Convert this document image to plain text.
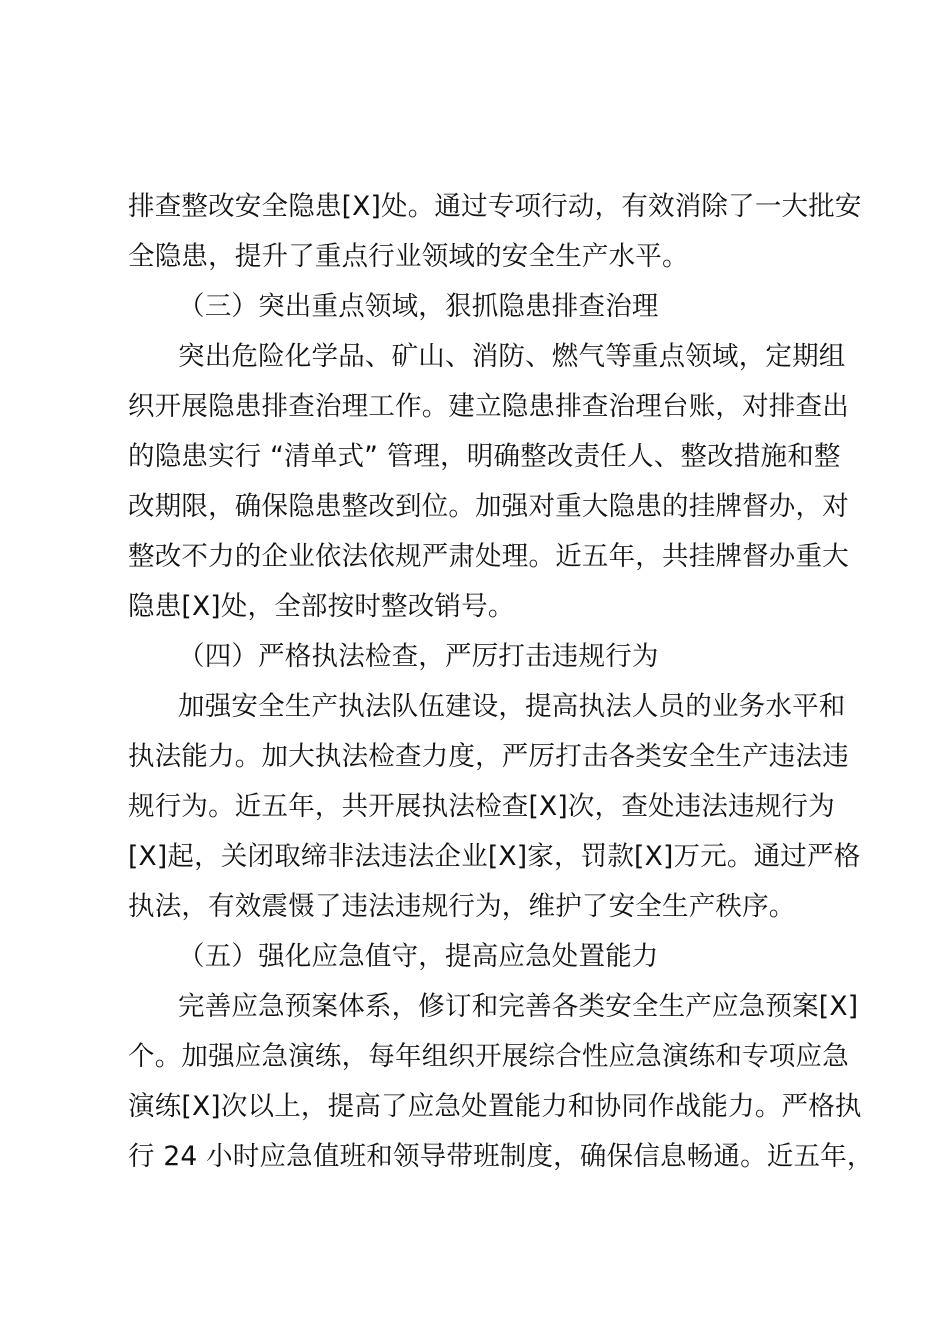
排查整改安全隐患[X]处。通过专项行动，有效消除了一大批安
全隐患，提升了重点行业领域的安全生产水平。
（三）突出重点领域，狠抓隐患排查治理
突出危险化学品、矿山、消防、燃气等重点领域，定期组
织开展隐患排查治理工作。建立隐患排查治理台账，对排查出
的隐患实行 “清单式” 管理，明确整改责任人、整改措施和整
改期限，确保隐患整改到位。加强对重大隐患的挂牌督办，对
整改不力的企业依法依规严肃处理。近五年，共挂牌督办重大
隐患[X]处，全部按时整改销号。
（四）严格执法检查，严厉打击违规行为
加强安全生产执法队伍建设，提高执法人员的业务水平和
执法能力。加大执法检查力度，严厉打击各类安全生产违法违
规行为。近五年，共开展执法检查[X]次，查处违法违规行为
[X]起，关闭取缔非法违法企业[X]家，罚款[X]万元。通过严格
执法，有效震慑了违法违规行为，维护了安全生产秩序。
（五）强化应急值守，提高应急处置能力
完善应急预案体系，修订和完善各类安全生产应急预案[X]
个。加强应急演练，每年组织开展综合性应急演练和专项应急
演练[X]次以上，提高了应急处置能力和协同作战能力。严格执
行 24 小时应急值班和领导带班制度，确保信息畅通。近五年，
